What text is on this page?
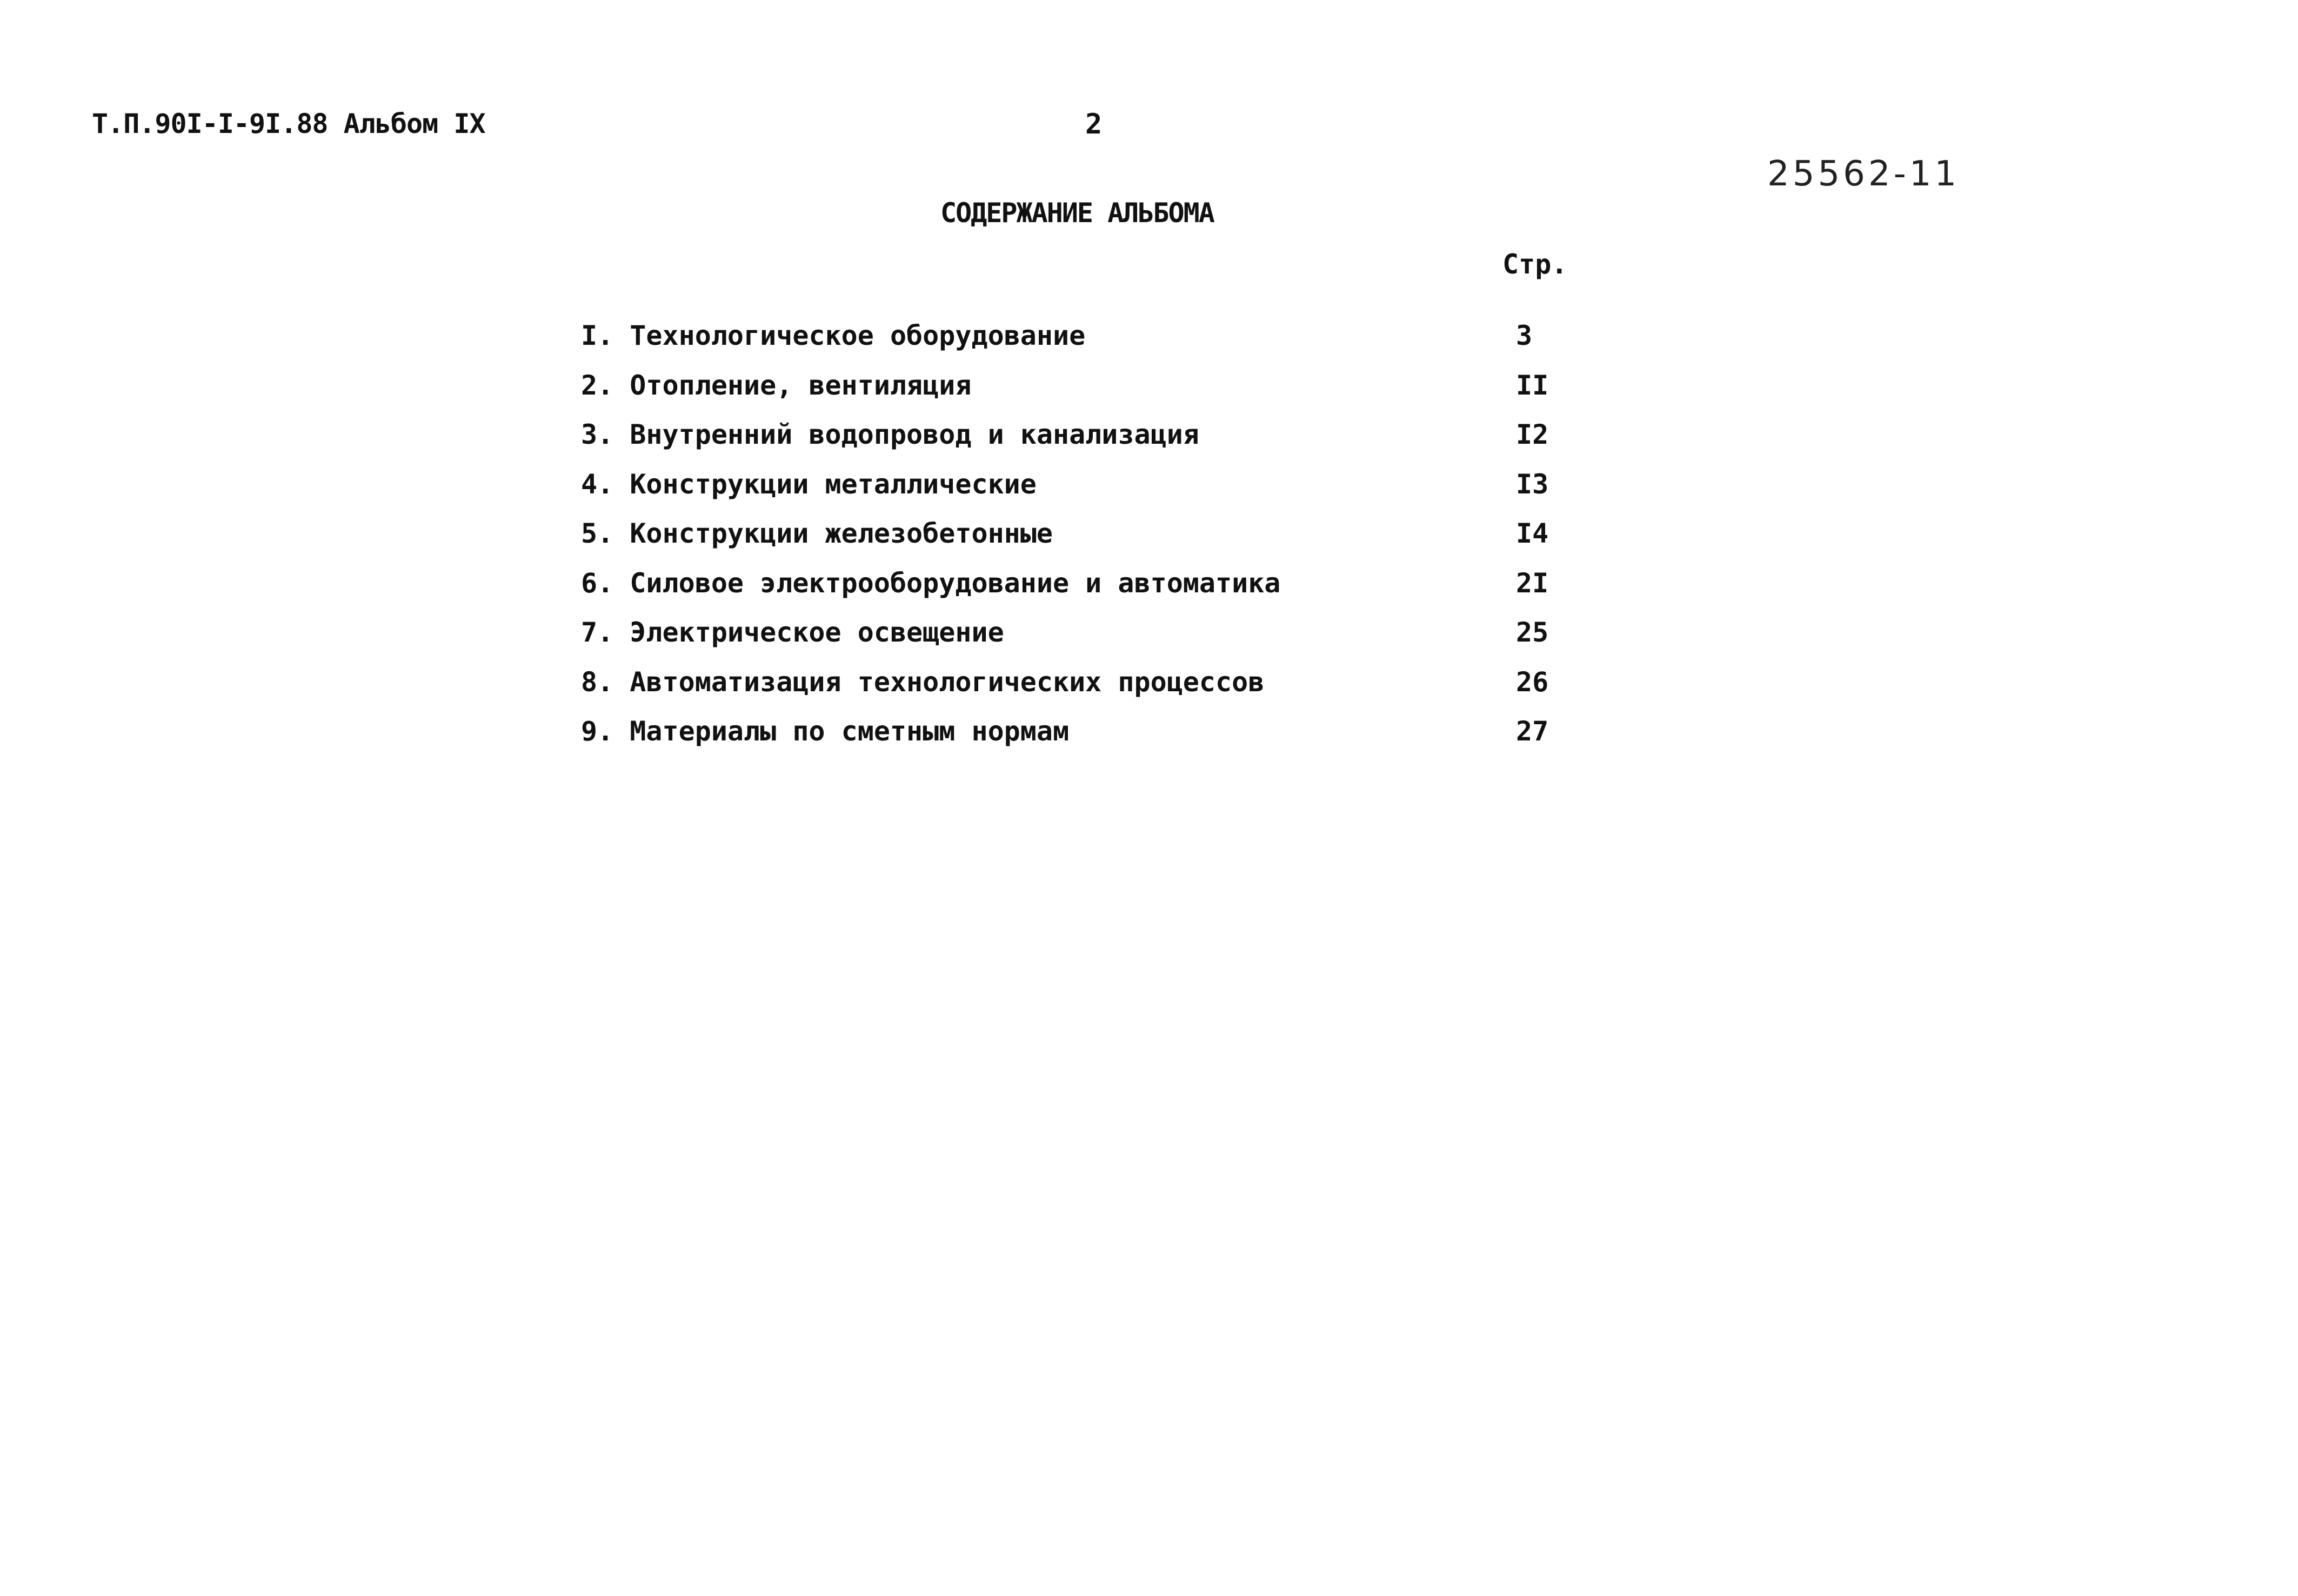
Т.П.90I-I-9I.88 Альбом IX	2
25562-11
СОДЕРЖАНИЕ АЛЬБОМА
Стр.
I. Технологическое оборудование	3
2. Отопление, вентиляция	II
3. Внутренний водопровод и канализация	I2
4. Конструкции металлические	I3
5. Конструкции железобетонные	I4
6. Силовое электрооборудование и автоматика	2I
7. Электрическое освещение	25
8. Автоматизация технологических процессов	26
9. Материалы по сметным нормам	27
